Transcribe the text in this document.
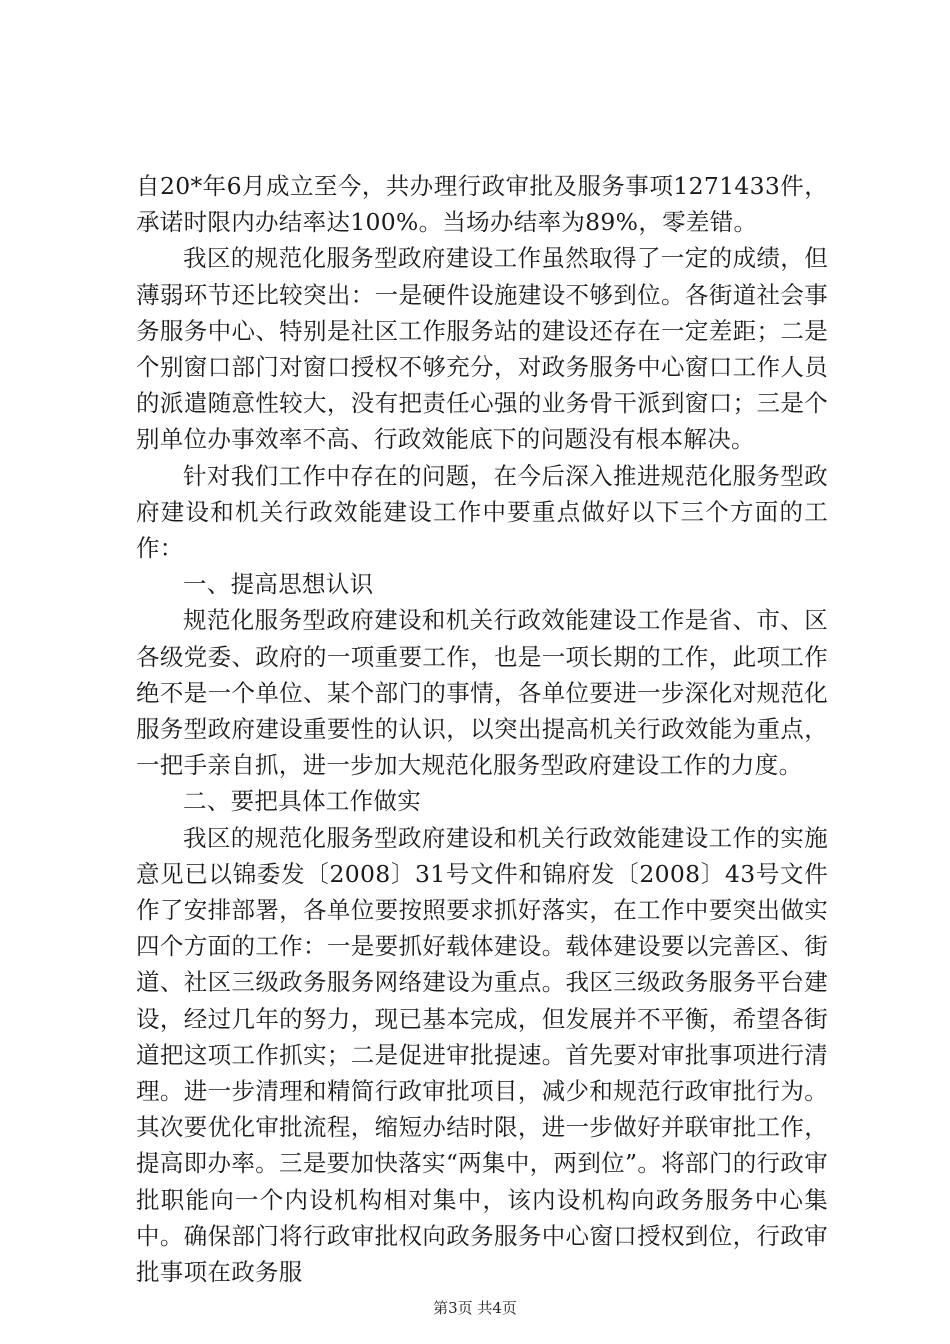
自20*年6月成立至今，共办理行政审批及服务事项1271433件，承诺时限内办结率达100%。当场办结率为89%，零差错。

我区的规范化服务型政府建设工作虽然取得了一定的成绩，但薄弱环节还比较突出：一是硬件设施建设不够到位。各街道社会事务服务中心、特别是社区工作服务站的建设还存在一定差距；二是个别窗口部门对窗口授权不够充分，对政务服务中心窗口工作人员的派遣随意性较大，没有把责任心强的业务骨干派到窗口；三是个别单位办事效率不高、行政效能底下的问题没有根本解决。

针对我们工作中存在的问题，在今后深入推进规范化服务型政府建设和机关行政效能建设工作中要重点做好以下三个方面的工作：

一、提高思想认识

规范化服务型政府建设和机关行政效能建设工作是省、市、区各级党委、政府的一项重要工作，也是一项长期的工作，此项工作绝不是一个单位、某个部门的事情，各单位要进一步深化对规范化服务型政府建设重要性的认识，以突出提高机关行政效能为重点，一把手亲自抓，进一步加大规范化服务型政府建设工作的力度。

二、要把具体工作做实

我区的规范化服务型政府建设和机关行政效能建设工作的实施意见已以锦委发〔2008〕31号文件和锦府发〔2008〕43号文件作了安排部署，各单位要按照要求抓好落实，在工作中要突出做实四个方面的工作：一是要抓好载体建设。载体建设要以完善区、街道、社区三级政务服务网络建设为重点。我区三级政务服务平台建设，经过几年的努力，现已基本完成，但发展并不平衡，希望各街道把这项工作抓实；二是促进审批提速。首先要对审批事项进行清理。进一步清理和精简行政审批项目，减少和规范行政审批行为。其次要优化审批流程，缩短办结时限，进一步做好并联审批工作，提高即办率。三是要加快落实“两集中，两到位”。将部门的行政审批职能向一个内设机构相对集中，该内设机构向政务服务中心集中。确保部门将行政审批权向政务服务中心窗口授权到位，行政审批事项在政务服

第3页 共4页
